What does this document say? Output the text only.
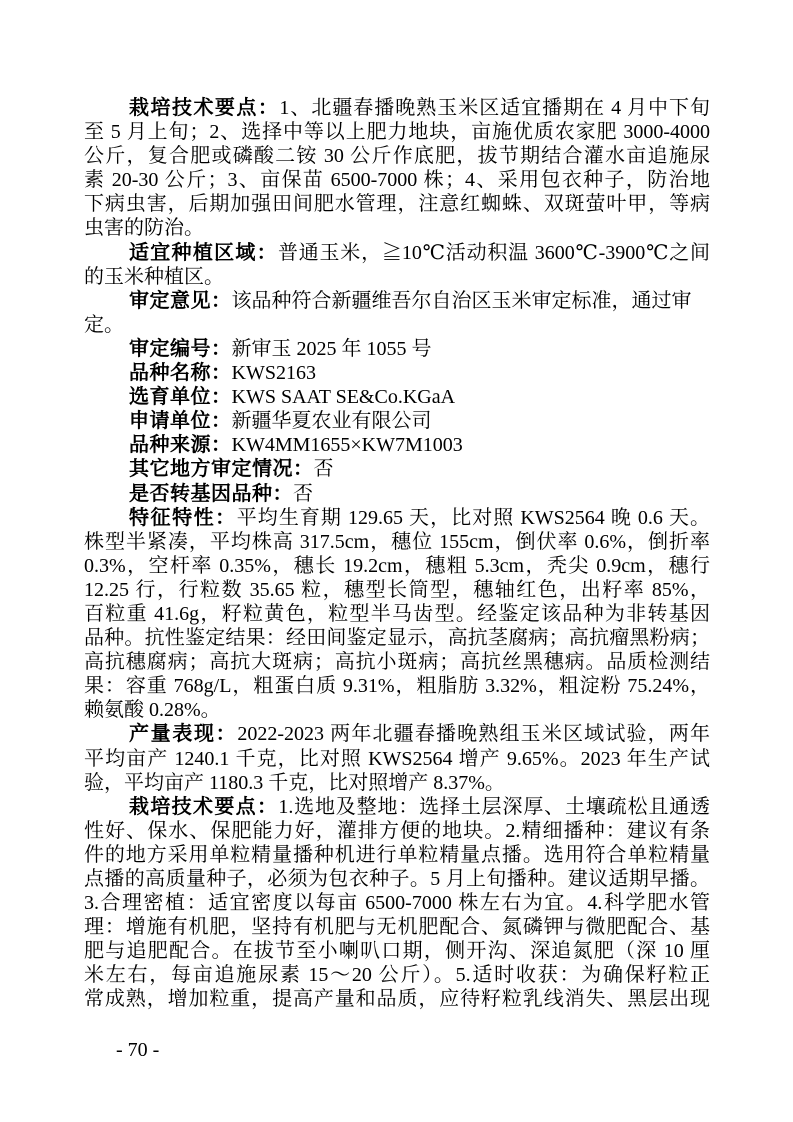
栽培技术要点：1、北疆春播晚熟玉米区适宜播期在 4 月中下旬
至 5 月上旬；2、选择中等以上肥力地块，亩施优质农家肥 3000-4000
公斤，复合肥或磷酸二铵 30 公斤作底肥，拔节期结合灌水亩追施尿
素 20-30 公斤；3、亩保苗 6500-7000 株；4、采用包衣种子，防治地
下病虫害，后期加强田间肥水管理，注意红蜘蛛、双斑萤叶甲，等病
虫害的防治。
适宜种植区域：普通玉米，≧10℃活动积温 3600℃-3900℃之间
的玉米种植区。
审定意见：该品种符合新疆维吾尔自治区玉米审定标准，通过审定。
审定编号：新审玉 2025 年 1055 号
品种名称：KWS2163
选育单位：KWS SAAT SE&Co.KGaA
申请单位：新疆华夏农业有限公司
品种来源：KW4MM1655×KW7M1003
其它地方审定情况：否
是否转基因品种：否
特征特性：平均生育期 129.65 天，比对照 KWS2564 晚 0.6 天。
株型半紧凑，平均株高 317.5cm，穗位 155cm，倒伏率 0.6%，倒折率
0.3%，空杆率 0.35%，穗长 19.2cm，穗粗 5.3cm，秃尖 0.9cm，穗行
12.25 行，行粒数 35.65 粒，穗型长筒型，穗轴红色，出籽率 85%，
百粒重 41.6g，籽粒黄色，粒型半马齿型。经鉴定该品种为非转基因
品种。抗性鉴定结果：经田间鉴定显示，高抗茎腐病；高抗瘤黑粉病；
高抗穗腐病；高抗大斑病；高抗小斑病；高抗丝黑穗病。品质检测结
果：容重 768g/L，粗蛋白质 9.31%，粗脂肪 3.32%，粗淀粉 75.24%，
赖氨酸 0.28%。
产量表现：2022-2023 两年北疆春播晚熟组玉米区域试验，两年
平均亩产 1240.1 千克，比对照 KWS2564 增产 9.65%。2023 年生产试
验，平均亩产 1180.3 千克，比对照增产 8.37%。
栽培技术要点：1.选地及整地：选择土层深厚、土壤疏松且通透
性好、保水、保肥能力好，灌排方便的地块。2.精细播种：建议有条
件的地方采用单粒精量播种机进行单粒精量点播。选用符合单粒精量
点播的高质量种子，必须为包衣种子。5 月上旬播种。建议适期早播。
3.合理密植：适宜密度以每亩 6500-7000 株左右为宜。4.科学肥水管
理：增施有机肥，坚持有机肥与无机肥配合、氮磷钾与微肥配合、基
肥与追肥配合。在拔节至小喇叭口期，侧开沟、深追氮肥（深 10 厘
米左右，每亩追施尿素 15～20 公斤）。5.适时收获：为确保籽粒正
常成熟，增加粒重，提高产量和品质，应待籽粒乳线消失、黑层出现
- 70 -
